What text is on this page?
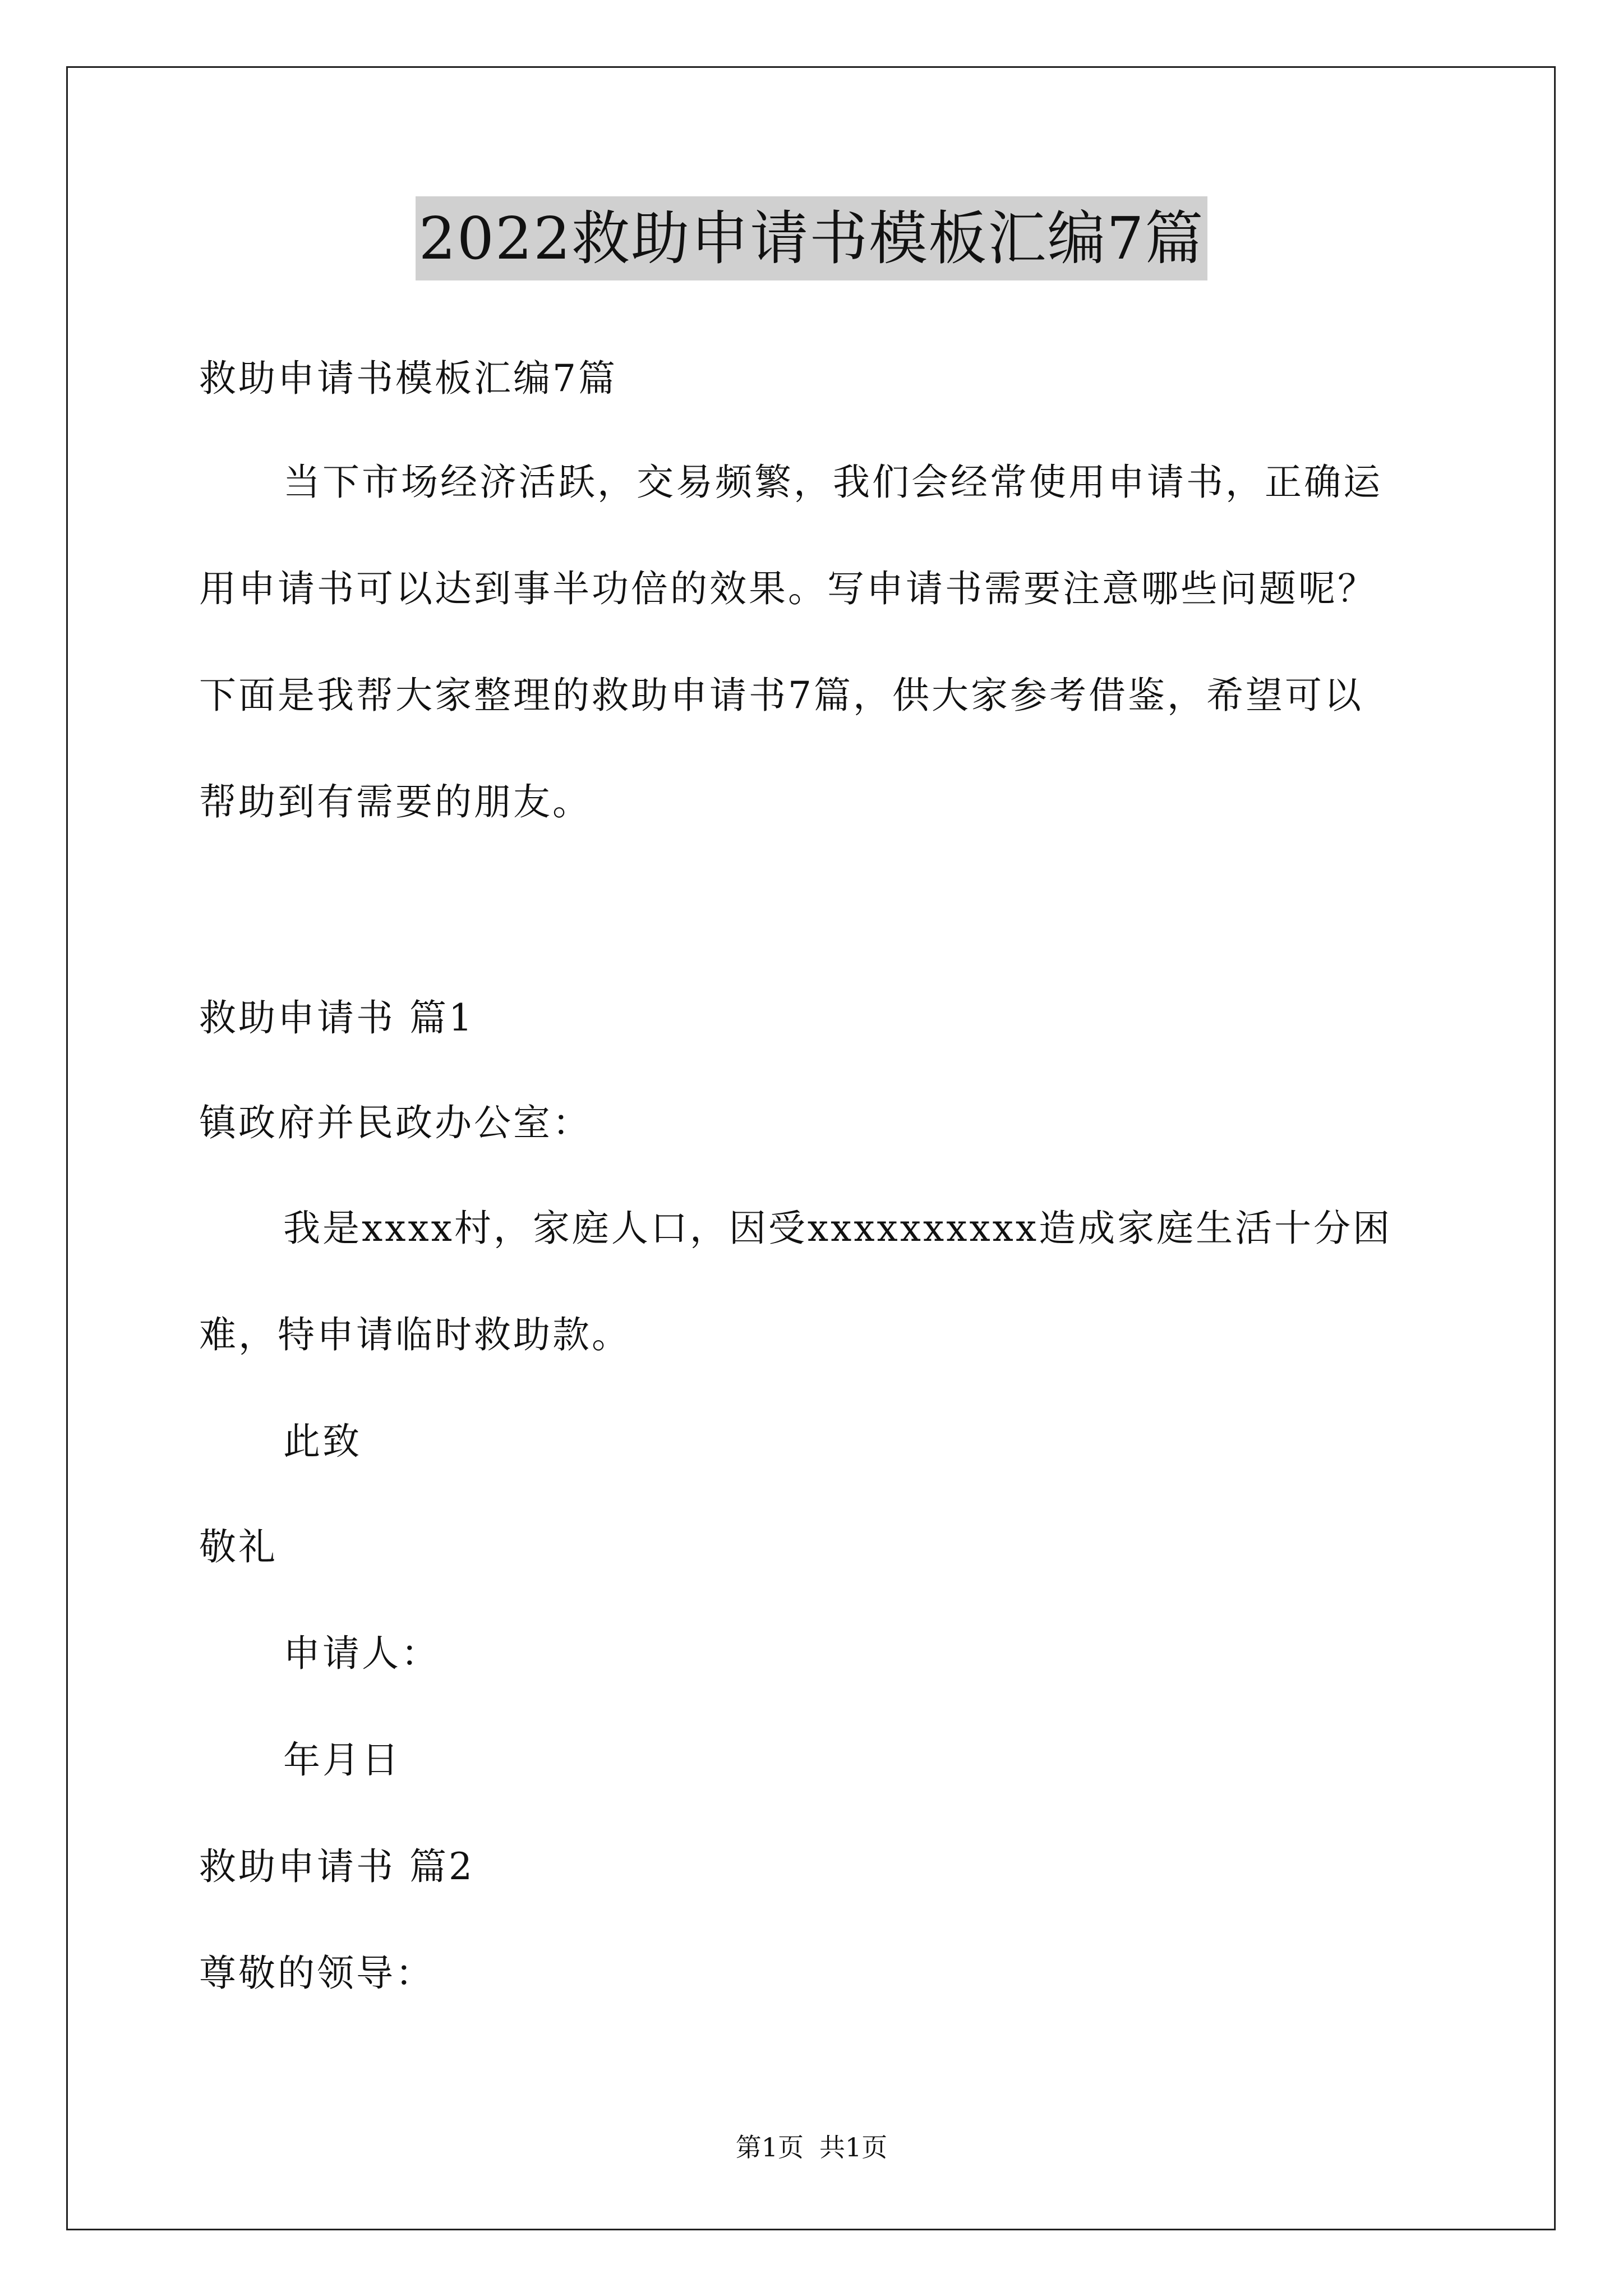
2022救助申请书模板汇编7篇
救助申请书模板汇编7篇
当下市场经济活跃，交易频繁，我们会经常使用申请书，正确运
用申请书可以达到事半功倍的效果。写申请书需要注意哪些问题呢？
下面是我帮大家整理的救助申请书7篇，供大家参考借鉴，希望可以
帮助到有需要的朋友。
救助申请书 篇1
镇政府并民政办公室：
我是xxxx村，家庭人口，因受xxxxxxxxxx造成家庭生活十分困
难，特申请临时救助款。
此致
敬礼
申请人：
年月日
救助申请书 篇2
尊敬的领导：
第1页 共1页
